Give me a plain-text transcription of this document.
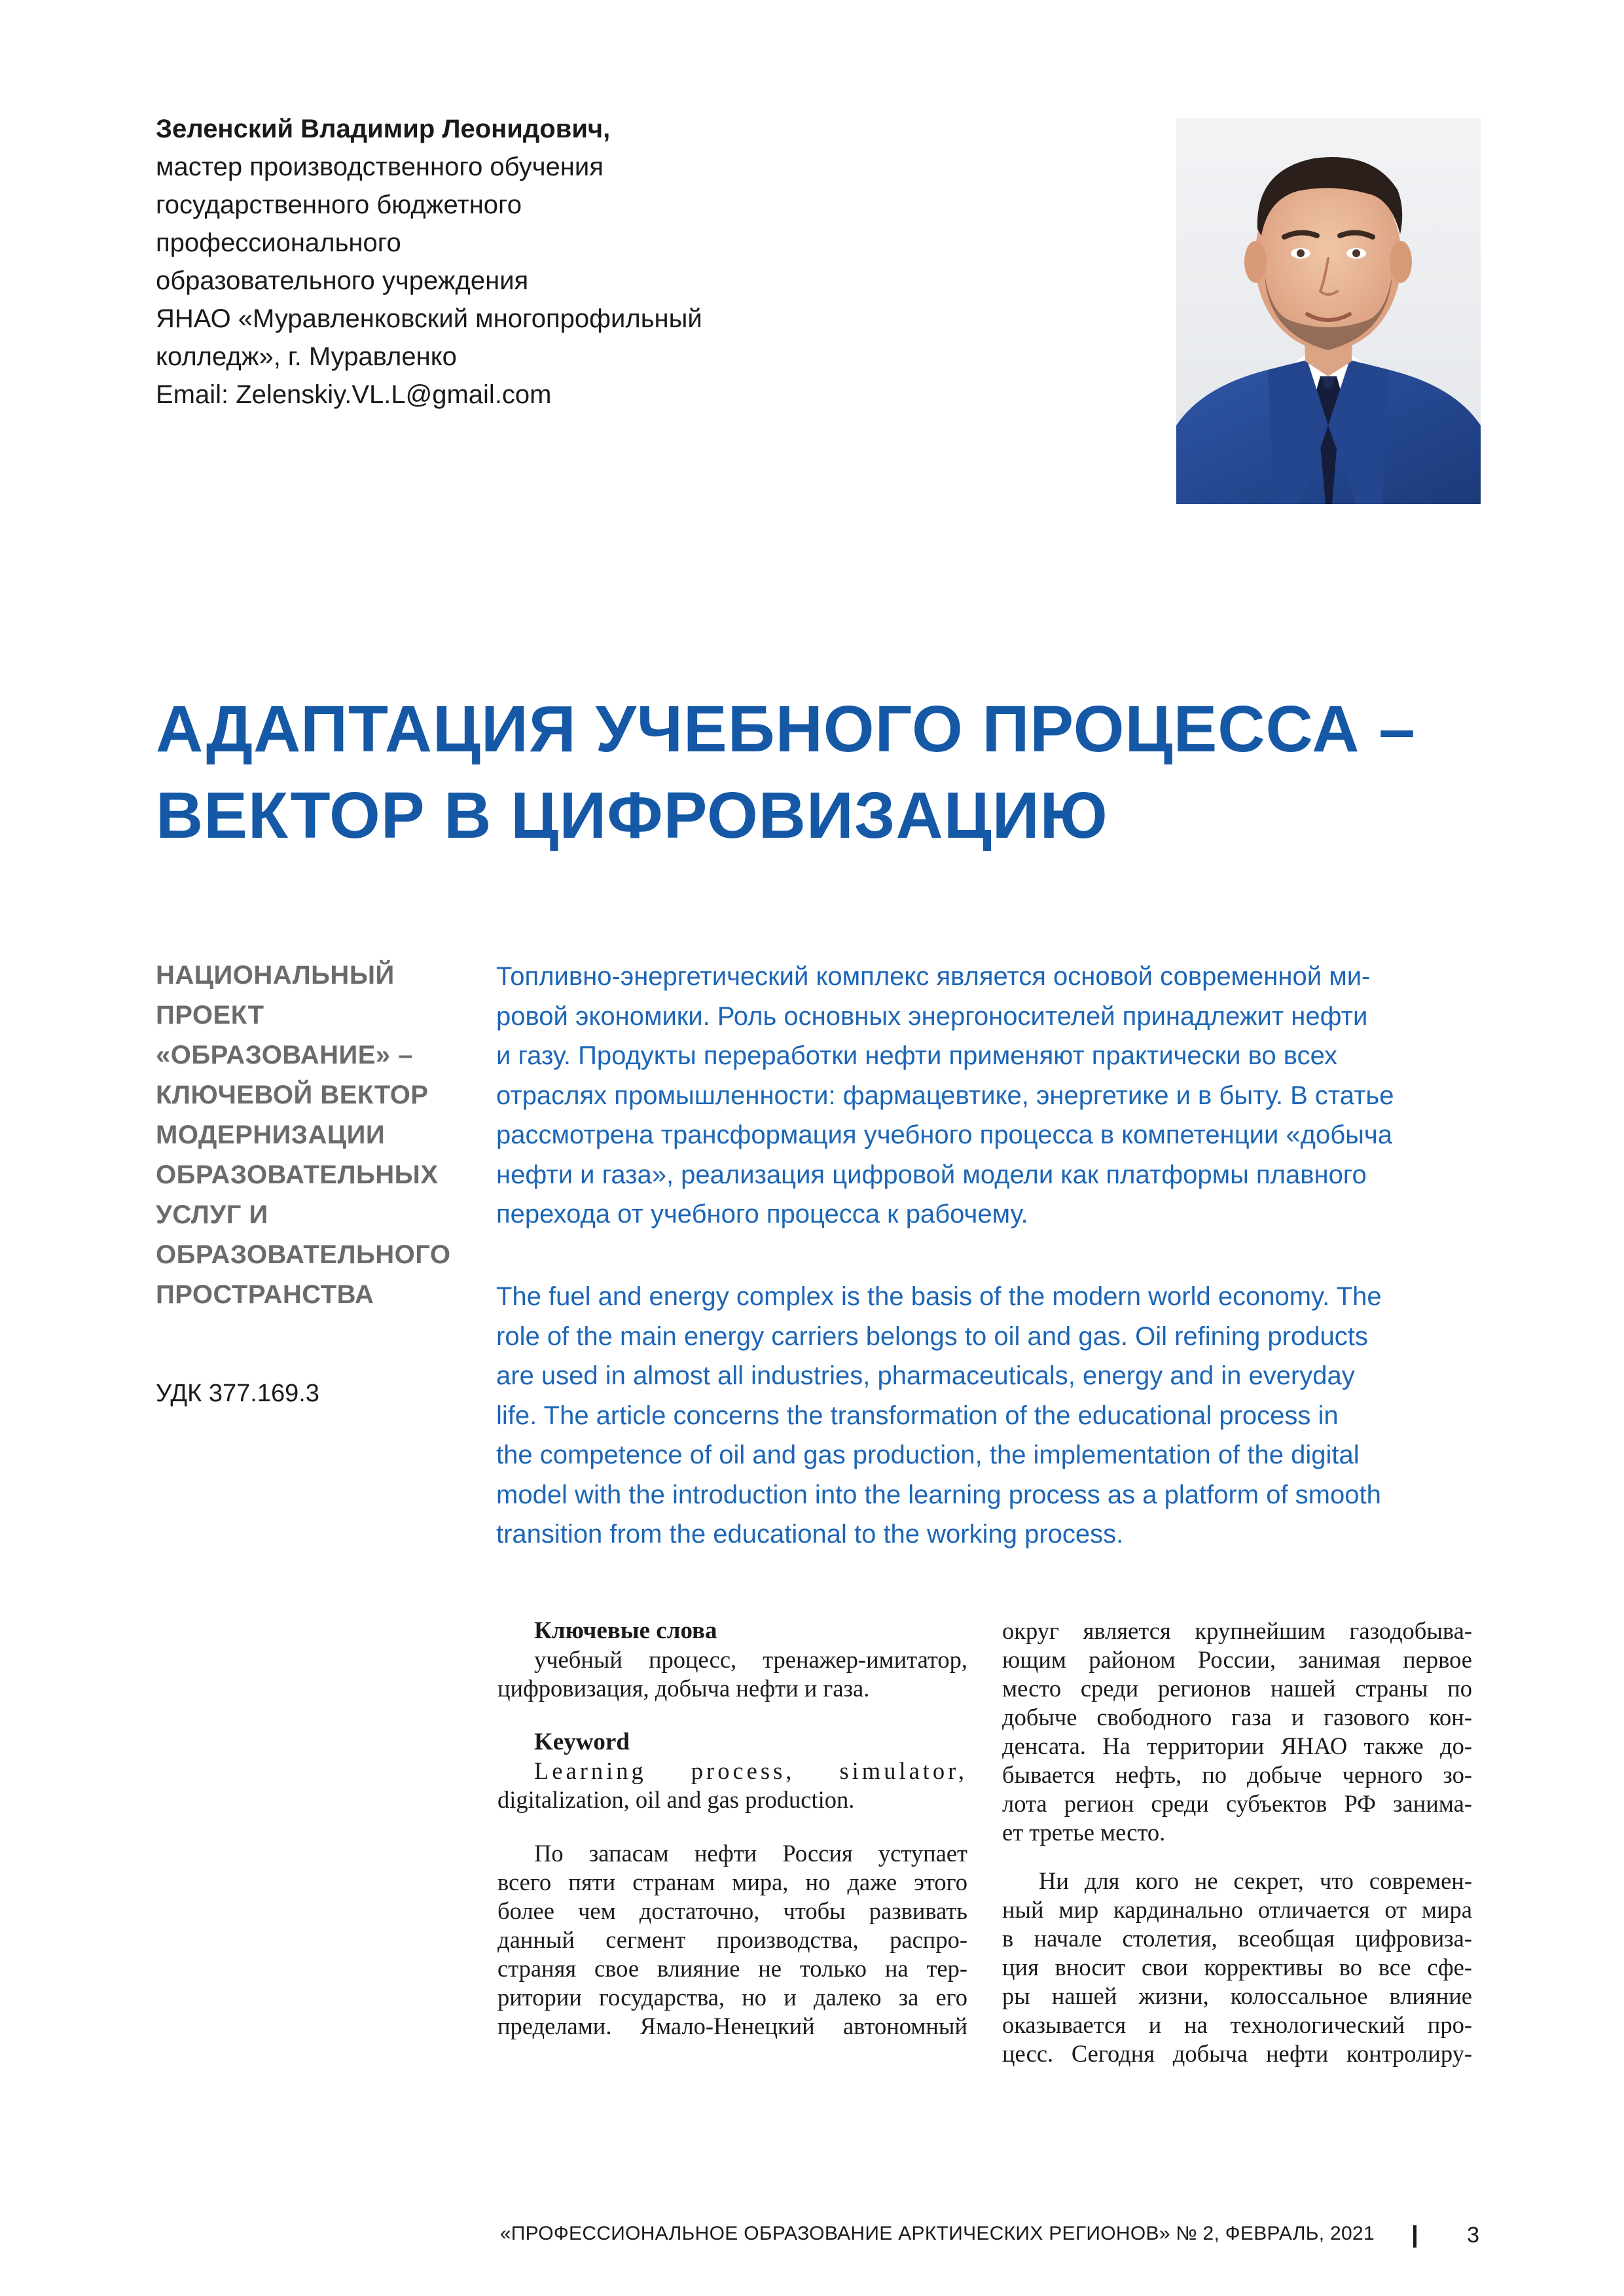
Зеленский Владимир Леонидович,
мастер производственного обучения
государственного бюджетного
профессионального
образовательного учреждения
ЯНАО «Муравленковский многопрофильный
колледж», г. Муравленко
Email: Zelenskiy.VL.L@gmail.com
АДАПТАЦИЯ УЧЕБНОГО ПРОЦЕССА –
ВЕКТОР В ЦИФРОВИЗАЦИЮ
НАЦИОНАЛЬНЫЙ
ПРОЕКТ
«ОБРАЗОВАНИЕ» –
КЛЮЧЕВОЙ ВЕКТОР
МОДЕРНИЗАЦИИ
ОБРАЗОВАТЕЛЬНЫХ
УСЛУГ И
ОБРАЗОВАТЕЛЬНОГО
ПРОСТРАНСТВА
УДК 377.169.3
Топливно-энергетический комплекс является основой современной ми-
ровой экономики. Роль основных энергоносителей принадлежит нефти
и газу. Продукты переработки нефти применяют практически во всех
отраслях промышленности: фармацевтике, энергетике и в быту. В статье
рассмотрена трансформация учебного процесса в компетенции «добыча
нефти и газа», реализация цифровой модели как платформы плавного
перехода от учебного процесса к рабочему.
The fuel and energy complex is the basis of the modern world economy. The
role of the main energy carriers belongs to oil and gas. Oil refining products
are used in almost all industries, pharmaceuticals, energy and in everyday
life. The article concerns the transformation of the educational process in
the competence of oil and gas production, the implementation of the digital
model with the introduction into the learning process as a platform of smooth
transition from the educational to the working process.
Ключевые слова
учебный процесс, тренажер-имитатор,
цифровизация, добыча нефти и газа.
Keyword
Learning process, simulator,
digitalization, oil and gas production.
По запасам нефти Россия уступает
всего пяти странам мира, но даже этого
более чем достаточно, чтобы развивать
данный сегмент производства, распро-
страняя свое влияние не только на тер-
ритории государства, но и далеко за его
пределами. Ямало-Ненецкий автономный
округ является крупнейшим газодобыва-
ющим районом России, занимая первое
место среди регионов нашей страны по
добыче свободного газа и газового кон-
денсата. На территории ЯНАО также до-
бывается нефть, по добыче черного зо-
лота регион среди субъектов РФ занима-
ет третье место.
Ни для кого не секрет, что современ-
ный мир кардинально отличается от мира
в начале столетия, всеобщая цифровиза-
ция вносит свои коррективы во все сфе-
ры нашей жизни, колоссальное влияние
оказывается и на технологический про-
цесс. Сегодня добыча нефти контролиру-
«ПРОФЕССИОНАЛЬНОЕ ОБРАЗОВАНИЕ АРКТИЧЕСКИХ РЕГИОНОВ» № 2, ФЕВРАЛЬ, 2021	3
